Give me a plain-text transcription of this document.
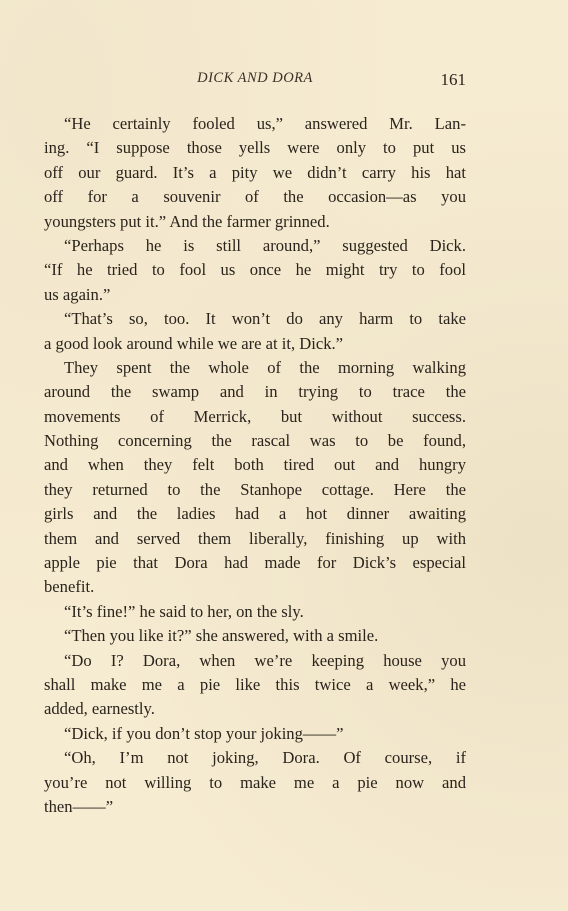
DICK AND DORA	161
“He certainly fooled us,” answered Mr. Lan-
ing. “I suppose those yells were only to put us
off our guard. It’s a pity we didn’t carry his hat
off for a souvenir of the occasion—as you
youngsters put it.” And the farmer grinned.
“Perhaps he is still around,” suggested Dick.
“If he tried to fool us once he might try to fool
us again.”
“That’s so, too. It won’t do any harm to take
a good look around while we are at it, Dick.”
They spent the whole of the morning walking
around the swamp and in trying to trace the
movements of Merrick, but without success.
Nothing concerning the rascal was to be found,
and when they felt both tired out and hungry
they returned to the Stanhope cottage. Here the
girls and the ladies had a hot dinner awaiting
them and served them liberally, finishing up with
apple pie that Dora had made for Dick’s especial
benefit.
“It’s fine!” he said to her, on the sly.
“Then you like it?” she answered, with a smile.
“Do I? Dora, when we’re keeping house you
shall make me a pie like this twice a week,” he
added, earnestly.
“Dick, if you don’t stop your joking——”
“Oh, I’m not joking, Dora. Of course, if
you’re not willing to make me a pie now and
then——”
